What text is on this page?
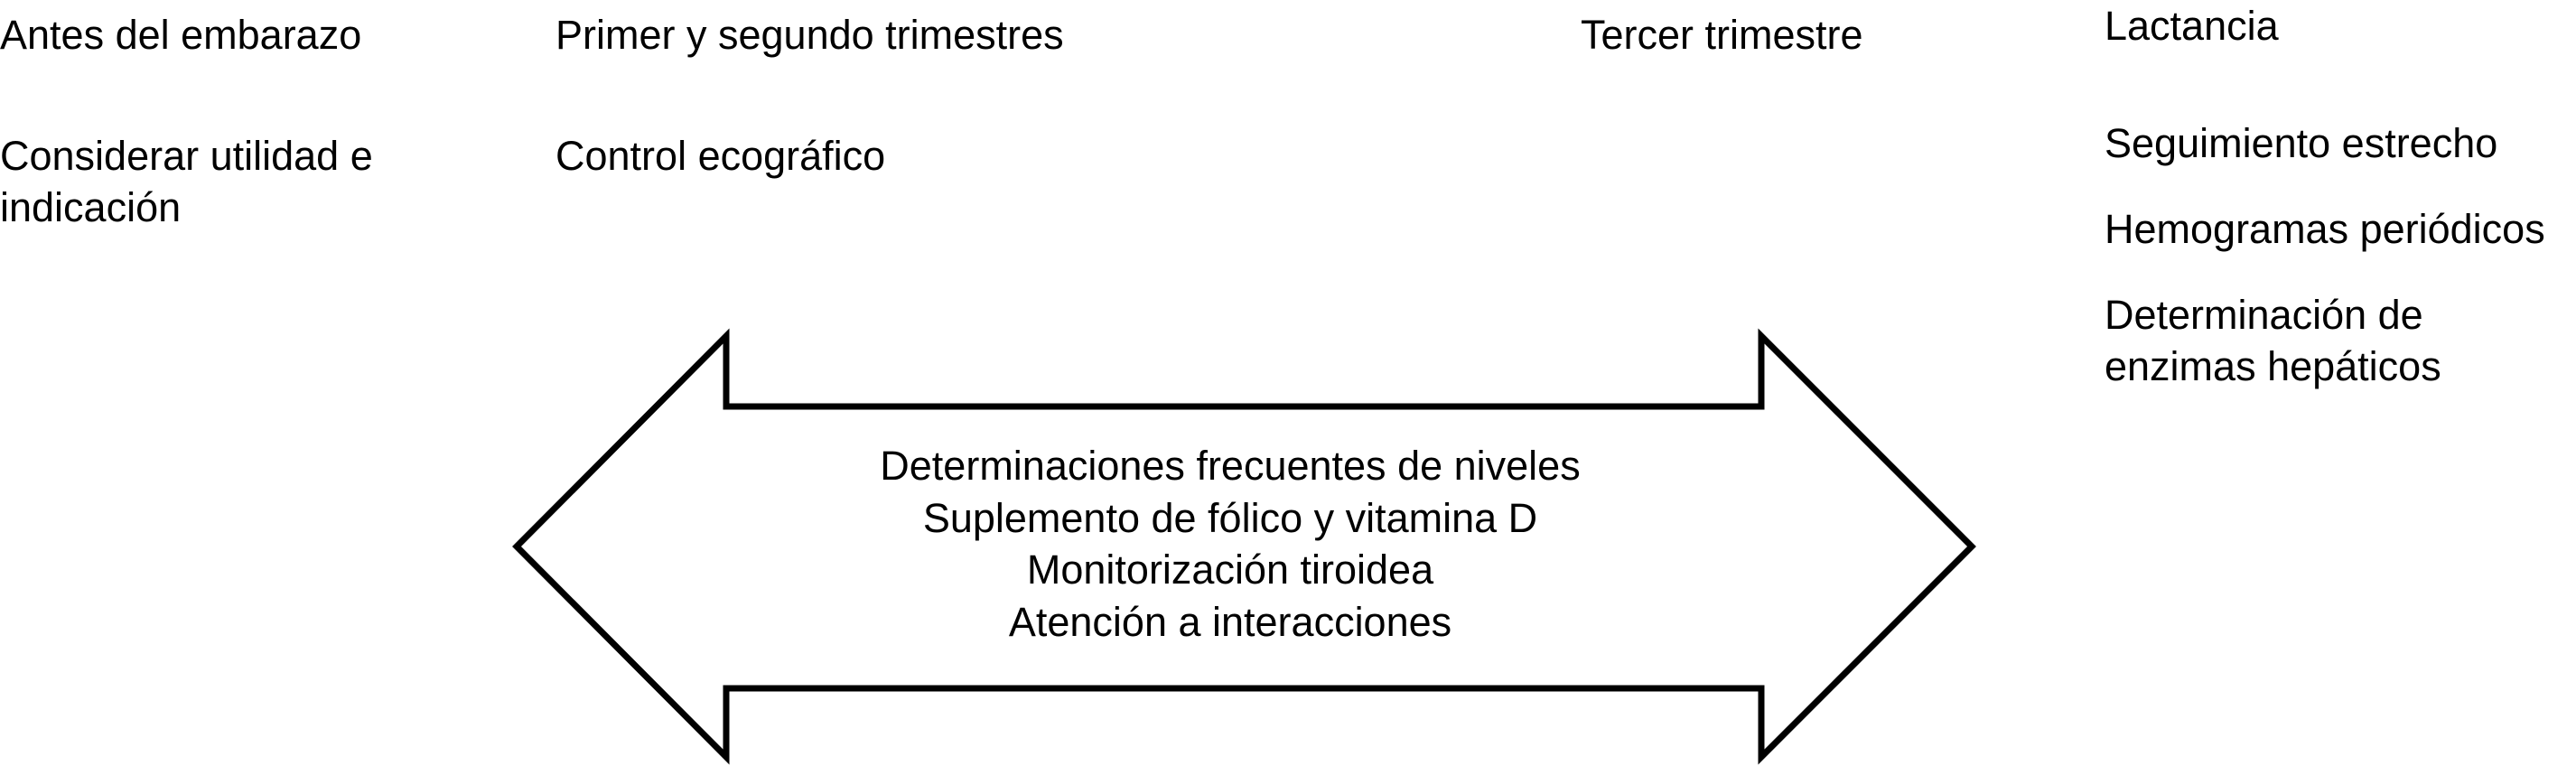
Antes del embarazo

Considerar utilidad e indicación

Primer y segundo trimestres

Control ecográfico

Tercer trimestre	Lactancia

Seguimiento estrecho

Hemogramas periódicos

Determinación de enzimas hepáticos

Determinaciones frecuentes de niveles
Suplemento de fólico y vitamina D
Monitorización tiroidea
Atención a interacciones
